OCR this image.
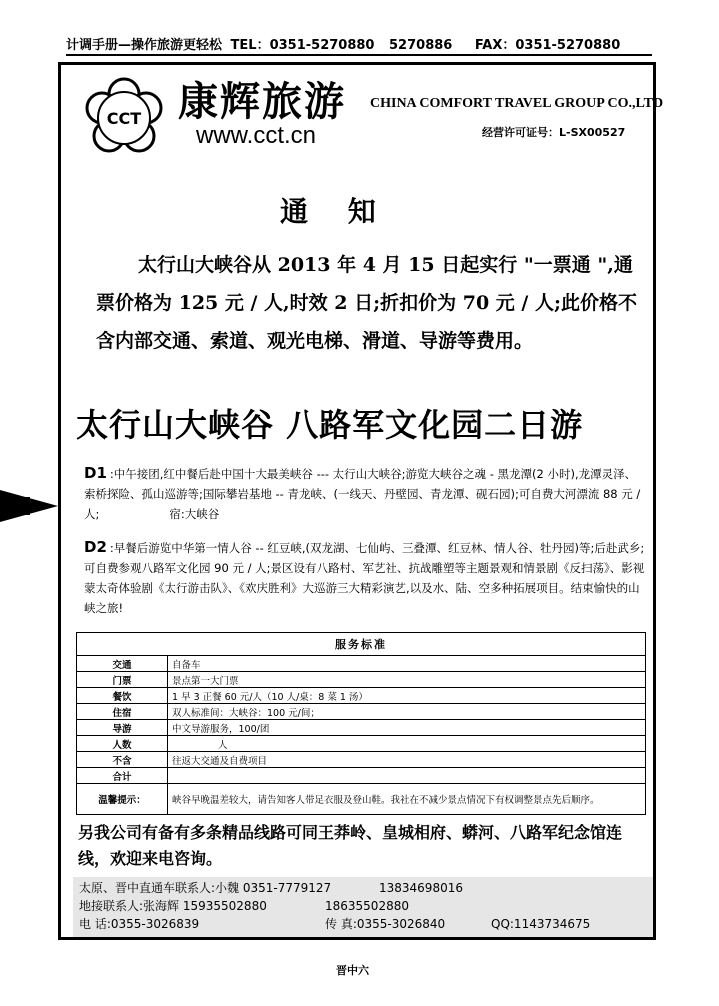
计调手册—操作旅游更轻松 TEL：0351-5270880 5270886 FAX：0351-5270880
CCT 康辉旅游
www.cct.cn
CHINA COMFORT TRAVEL GROUP CO.,LTD
经营许可证号：L-SX00527
通 知
太行山大峡谷从 2013 年 4 月 15 日起实行 "一票通 ",通票价格为 125 元 / 人,时效 2 日;折扣价为 70 元 / 人;此价格不含内部交通、索道、观光电梯、滑道、导游等费用。
太行山大峡谷 八路军文化园二日游
D1 :中午接团,红中餐后赴中国十大最美峡谷 --- 太行山大峡谷;游览大峡谷之魂 - 黑龙潭(2 小时),龙潭灵泽、索桥探险、孤山巡游等;国际攀岩基地 -- 青龙峡、(一线天、丹壁园、青龙潭、砚石园);可自费大河漂流 88 元 / 人;	宿:大峡谷
D2 :早餐后游览中华第一情人谷 -- 红豆峡,(双龙湖、七仙屿、三叠潭、红豆林、情人谷、牡丹园)等;后赴武乡;可自费参观八路军文化园 90 元 / 人;景区设有八路村、军艺社、抗战雕塑等主题景观和情景剧《反扫荡》、影视蒙太奇体验剧《太行游击队》、《欢庆胜利》大巡游三大精彩演艺,以及水、陆、空多种拓展项目。结束愉快的山峡之旅!
服务标准	
交通	自备车
门票	景点第一大门票
餐饮	1 早 3 正餐 60 元/人（10 人/桌：8 菜 1 汤）
住宿	双人标准间：大峡谷：100 元/间；
导游	中文导游服务，100/团
人数	人
不含	往返大交通及自费项目
合计	
温馨提示：	峡谷早晚温差较大，请告知客人带足衣服及登山鞋。我社在不减少景点情况下有权调整景点先后顺序。
另我公司有备有多条精品线路可同王莽岭、皇城相府、蟒河、八路军纪念馆连线，欢迎来电咨询。
太原、晋中直通车联系人:小魏 0351-7779127	13834698016
地接联系人:张海辉 15935502880	18635502880
电 话:0355-3026839	传 真:0355-3026840	QQ:1143734675
晋中六
